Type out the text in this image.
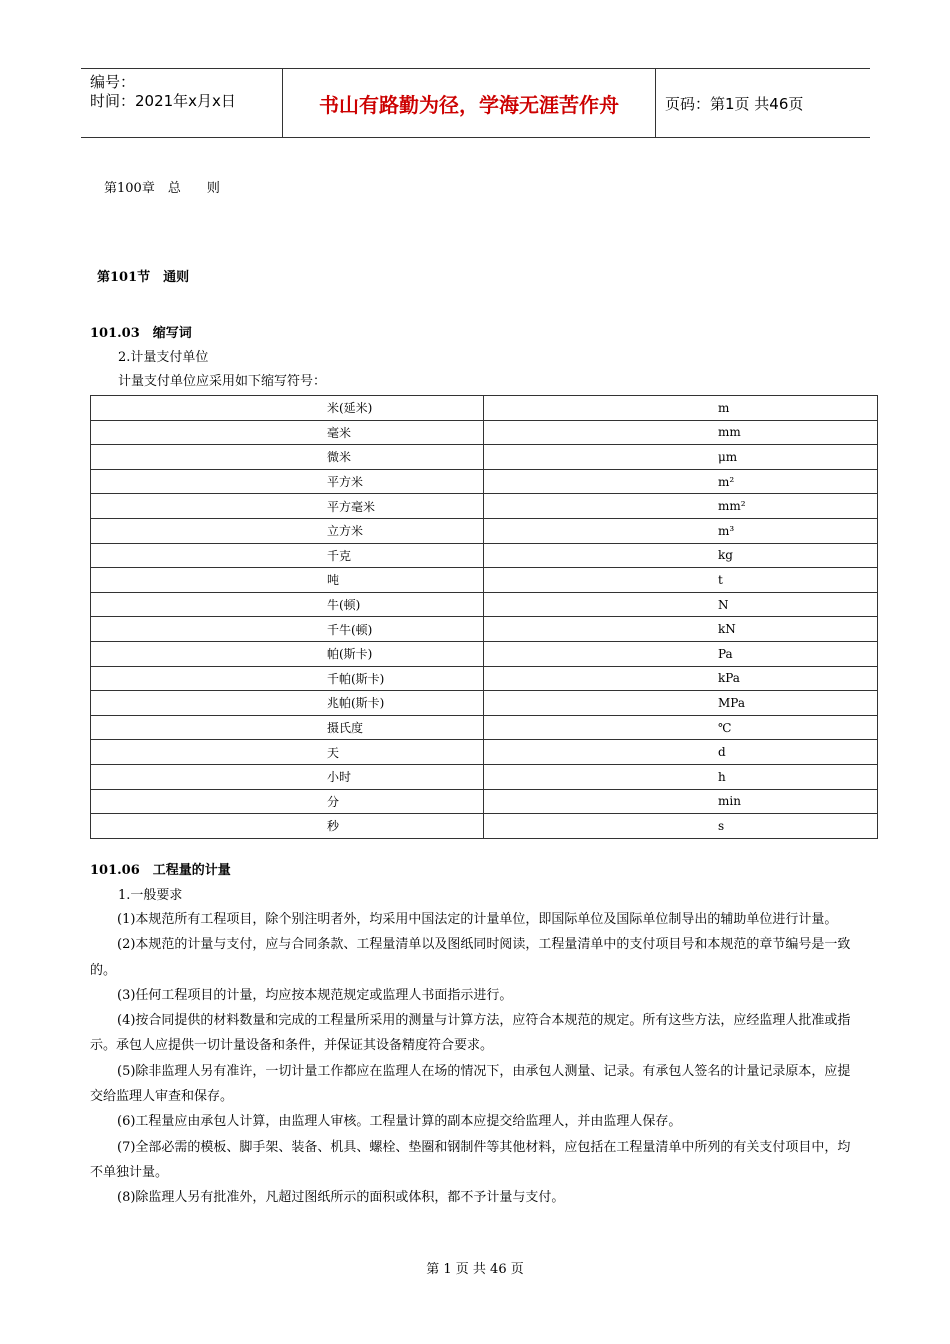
编号：
时间：2021年x月x日	书山有路勤为径，学海无涯苦作舟	页码：第1页 共46页
第100章　总　　则
第101节　通则
101.03　缩写词
2.计量支付单位
计量支付单位应采用如下缩写符号：
米(延米)	m
毫米	mm
微米	μm
平方米	m²
平方毫米	mm²
立方米	m³
千克	kg
吨	t
牛(顿)	N
千牛(顿)	kN
帕(斯卡)	Pa
千帕(斯卡)	kPa
兆帕(斯卡)	MPa
摄氏度	℃
天	d
小时	h
分	min
秒	s
101.06　工程量的计量
1.一般要求

(1)本规范所有工程项目，除个别注明者外，均采用中国法定的计量单位，即国际单位及国际单位制导出的辅助单位进行计量。

(2)本规范的计量与支付，应与合同条款、工程量清单以及图纸同时阅读，工程量清单中的支付项目号和本规范的章节编号是一致的。

(3)任何工程项目的计量，均应按本规范规定或监理人书面指示进行。

(4)按合同提供的材料数量和完成的工程量所采用的测量与计算方法，应符合本规范的规定。所有这些方法，应经监理人批准或指示。承包人应提供一切计量设备和条件，并保证其设备精度符合要求。

(5)除非监理人另有准许，一切计量工作都应在监理人在场的情况下，由承包人测量、记录。有承包人签名的计量记录原本，应提交给监理人审查和保存。

(6)工程量应由承包人计算，由监理人审核。工程量计算的副本应提交给监理人，并由监理人保存。

(7)全部必需的模板、脚手架、装备、机具、螺栓、垫圈和钢制件等其他材料，应包括在工程量清单中所列的有关支付项目中，均不单独计量。

(8)除监理人另有批准外，凡超过图纸所示的面积或体积，都不予计量与支付。

第 1 页 共 46 页
